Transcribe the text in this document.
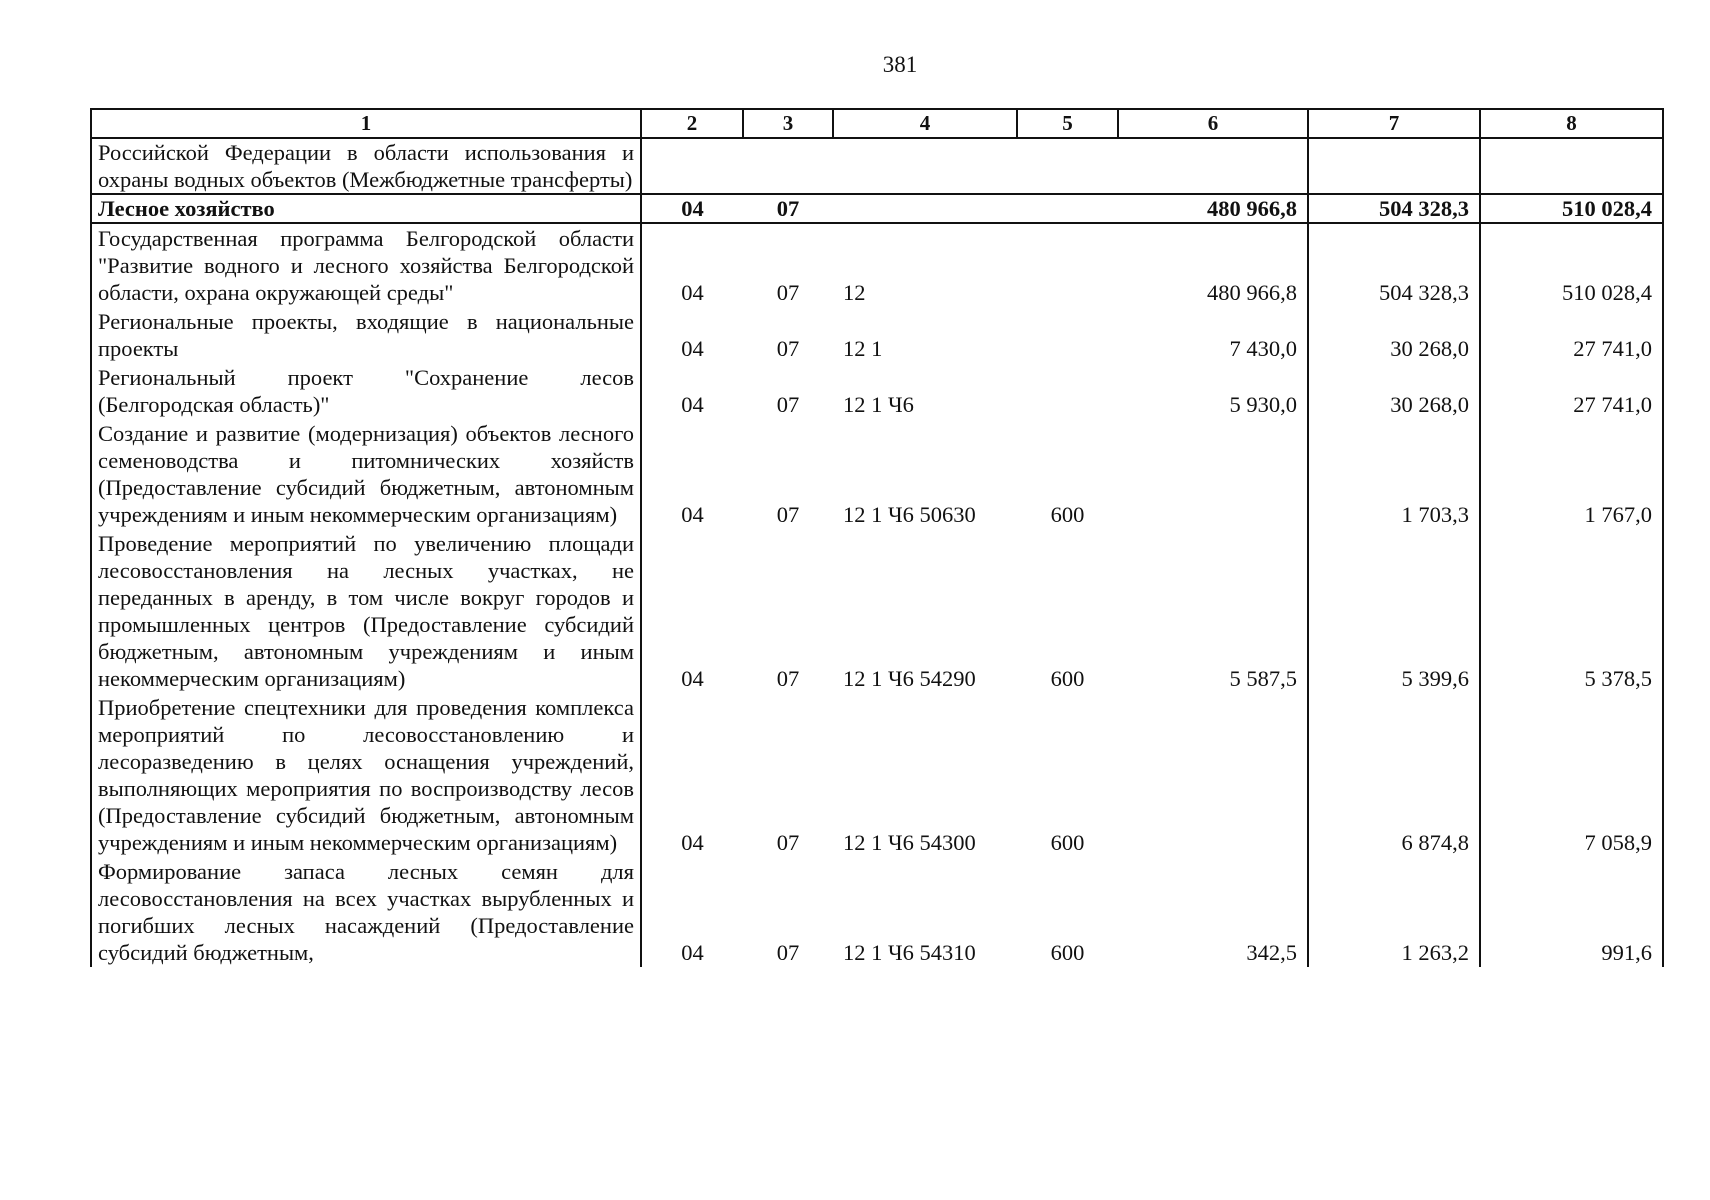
381
1	2	3	4	5	6	7	8
Российской Федерации в области использования и охраны водных объектов (Межбюджетные трансферты)							
Лесное хозяйство	04	07			480 966,8	504 328,3	510 028,4
Государственная программа Белгородской области "Развитие водного и лесного хозяйства Белгородской области, охрана окружающей среды"	04	07	12		480 966,8	504 328,3	510 028,4
Региональные проекты, входящие в национальные проекты	04	07	12 1		7 430,0	30 268,0	27 741,0
Региональный проект "Сохранение лесов (Белгородская область)"	04	07	12 1 Ч6		5 930,0	30 268,0	27 741,0
Создание и развитие (модернизация) объектов лесного семеноводства и питомнических хозяйств (Предоставление субсидий бюджетным, автономным учреждениям и иным некоммерческим организациям)	04	07	12 1 Ч6 50630	600		1 703,3	1 767,0
Проведение мероприятий по увеличению площади лесовосстановления на лесных участках, не переданных в аренду, в том числе вокруг городов и промышленных центров (Предоставление субсидий бюджетным, автономным учреждениям и иным некоммерческим организациям)	04	07	12 1 Ч6 54290	600	5 587,5	5 399,6	5 378,5
Приобретение спецтехники для проведения комплекса мероприятий по лесовосстановлению и лесоразведению в целях оснащения учреждений, выполняющих мероприятия по воспроизводству лесов (Предоставление субсидий бюджетным, автономным учреждениям и иным некоммерческим организациям)	04	07	12 1 Ч6 54300	600		6 874,8	7 058,9
Формирование запаса лесных семян для лесовосстановления на всех участках вырубленных и погибших лесных насаждений (Предоставление субсидий бюджетным,	04	07	12 1 Ч6 54310	600	342,5	1 263,2	991,6
